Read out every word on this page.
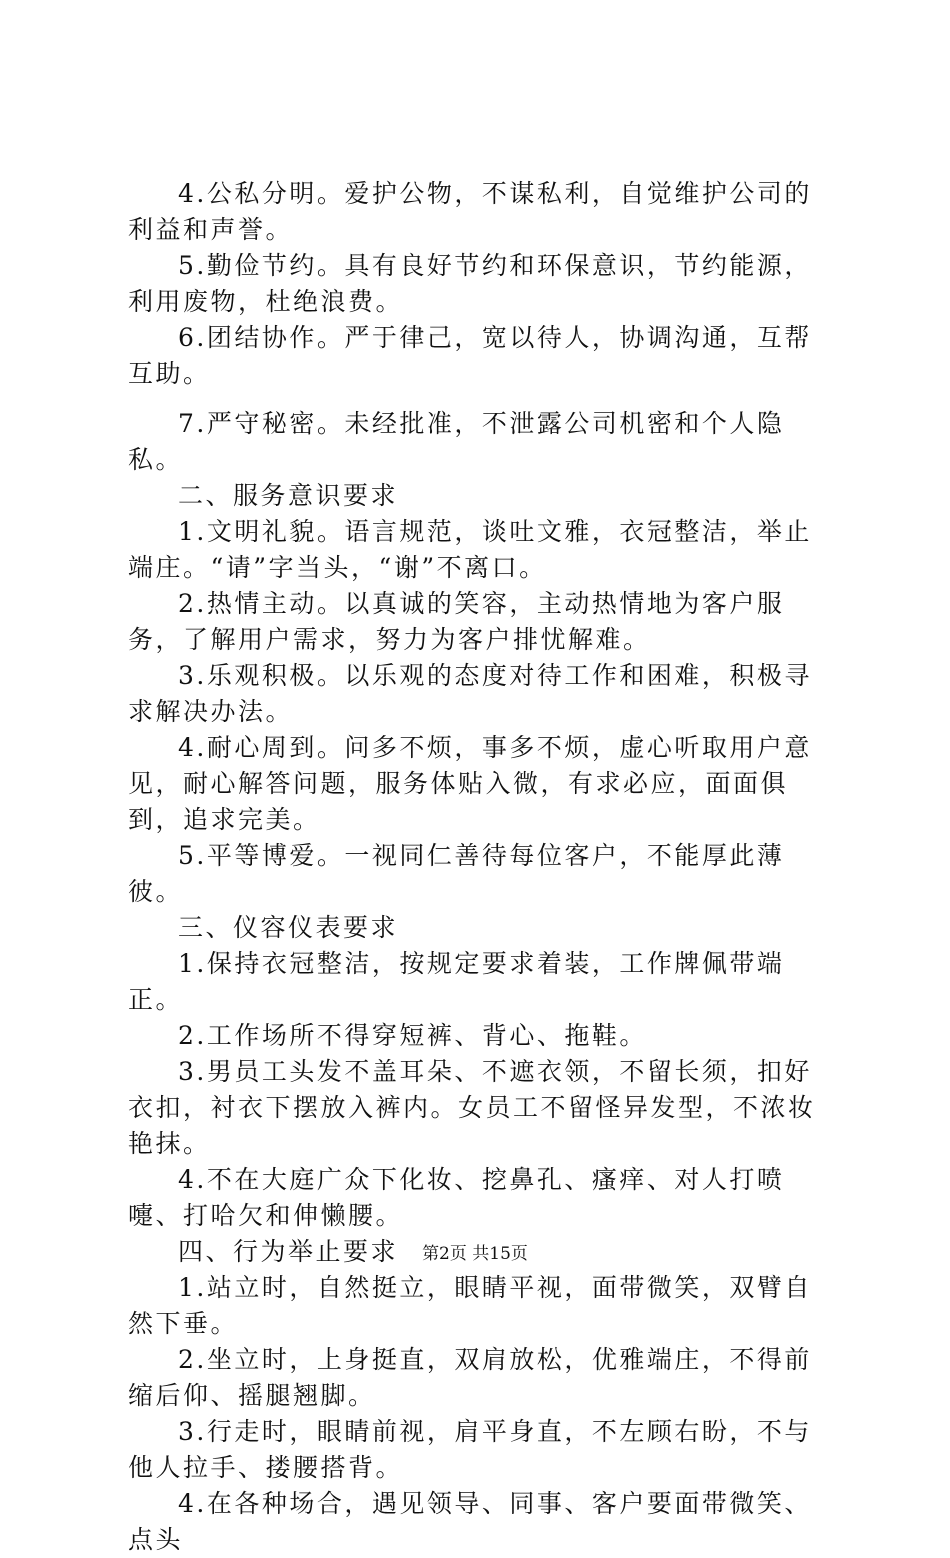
4.公私分明。爱护公物，不谋私利，自觉维护公司的利益和声誉。

5.勤俭节约。具有良好节约和环保意识，节约能源，利用废物，杜绝浪费。

6.团结协作。严于律己，宽以待人，协调沟通，互帮互助。

7.严守秘密。未经批准，不泄露公司机密和个人隐私。

二、服务意识要求

1.文明礼貌。语言规范，谈吐文雅，衣冠整洁，举止端庄。“请”字当头，“谢”不离口。

2.热情主动。以真诚的笑容，主动热情地为客户服务，了解用户需求，努力为客户排忧解难。

3.乐观积极。以乐观的态度对待工作和困难，积极寻求解决办法。

4.耐心周到。问多不烦，事多不烦，虚心听取用户意见，耐心解答问题，服务体贴入微，有求必应，面面俱到，追求完美。

5.平等博爱。一视同仁善待每位客户，不能厚此薄彼。

三、仪容仪表要求

1.保持衣冠整洁，按规定要求着装，工作牌佩带端正。

2.工作场所不得穿短裤、背心、拖鞋。

3.男员工头发不盖耳朵、不遮衣领，不留长须，扣好衣扣，衬衣下摆放入裤内。女员工不留怪异发型，不浓妆艳抹。

4.不在大庭广众下化妆、挖鼻孔、瘙痒、对人打喷嚏、打哈欠和伸懒腰。

四、行为举止要求

1.站立时，自然挺立，眼睛平视，面带微笑，双臂自然下垂。

2.坐立时，上身挺直，双肩放松，优雅端庄，不得前缩后仰、摇腿翘脚。

3.行走时，眼睛前视，肩平身直，不左顾右盼，不与他人拉手、搂腰搭背。

4.在各种场合，遇见领导、同事、客户要面带微笑、点头

第2页 共15页
